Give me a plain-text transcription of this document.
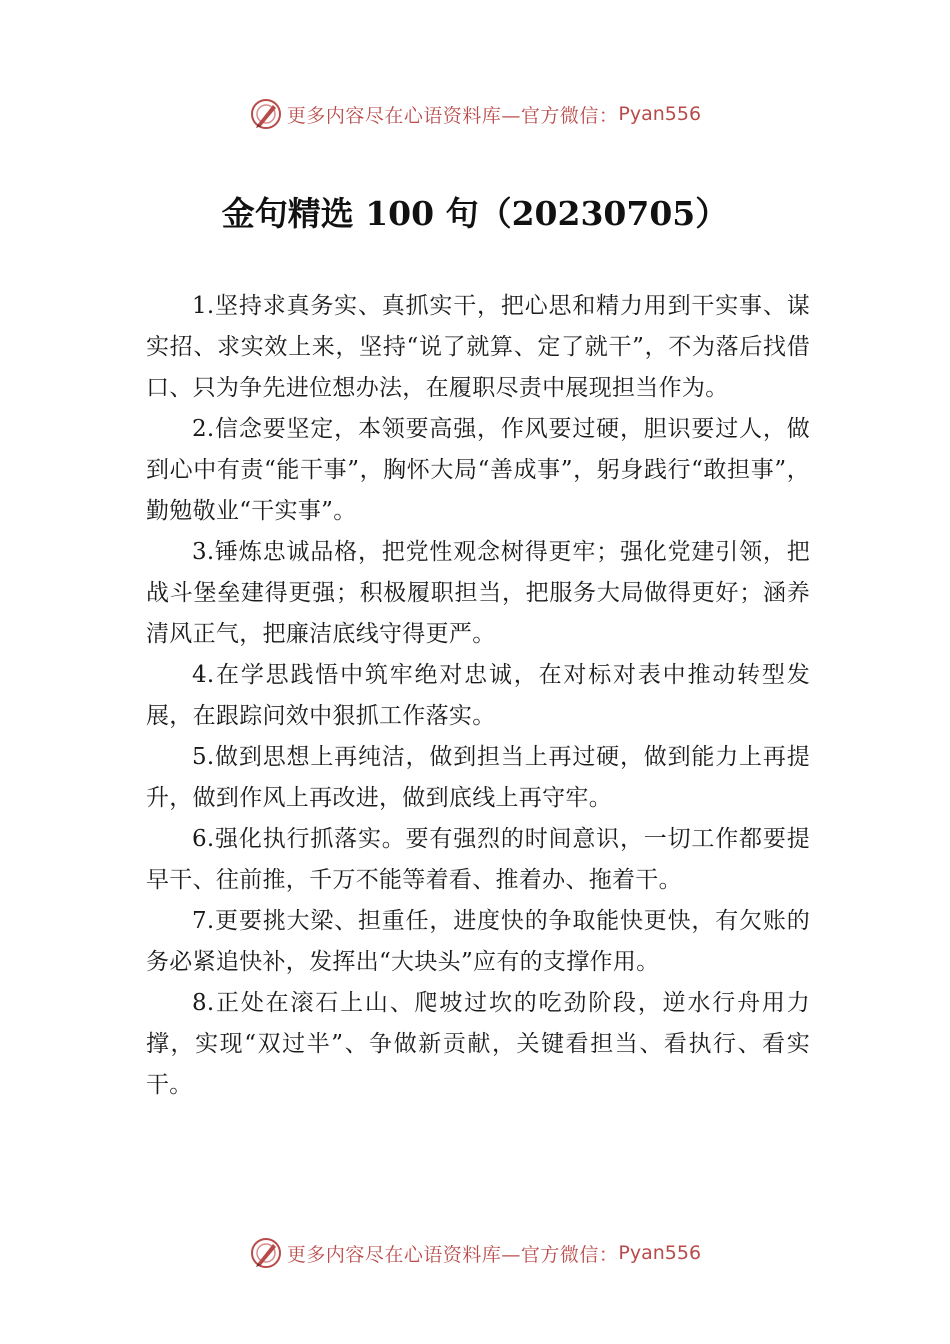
更多内容尽在心语资料库—官方微信： Pyan556
金句精选 100 句（20230705）

1.坚持求真务实、真抓实干，把心思和精力用到干实事、谋实招、求实效上来，坚持“说了就算、定了就干”，不为落后找借口、只为争先进位想办法，在履职尽责中展现担当作为。

2.信念要坚定，本领要高强，作风要过硬，胆识要过人，做到心中有责“能干事”，胸怀大局“善成事”，躬身践行“敢担事”，勤勉敬业“干实事”。

3.锤炼忠诚品格，把党性观念树得更牢；强化党建引领，把战斗堡垒建得更强；积极履职担当，把服务大局做得更好；涵养清风正气，把廉洁底线守得更严。

4.在学思践悟中筑牢绝对忠诚，在对标对表中推动转型发展，在跟踪问效中狠抓工作落实。

5.做到思想上再纯洁，做到担当上再过硬，做到能力上再提升，做到作风上再改进，做到底线上再守牢。

6.强化执行抓落实。要有强烈的时间意识，一切工作都要提早干、往前推，千万不能等着看、推着办、拖着干。

7.更要挑大梁、担重任，进度快的争取能快更快，有欠账的务必紧追快补，发挥出“大块头”应有的支撑作用。

8.正处在滚石上山、爬坡过坎的吃劲阶段，逆水行舟用力撑，实现“双过半”、争做新贡献，关键看担当、看执行、看实干。

更多内容尽在心语资料库—官方微信： Pyan556
